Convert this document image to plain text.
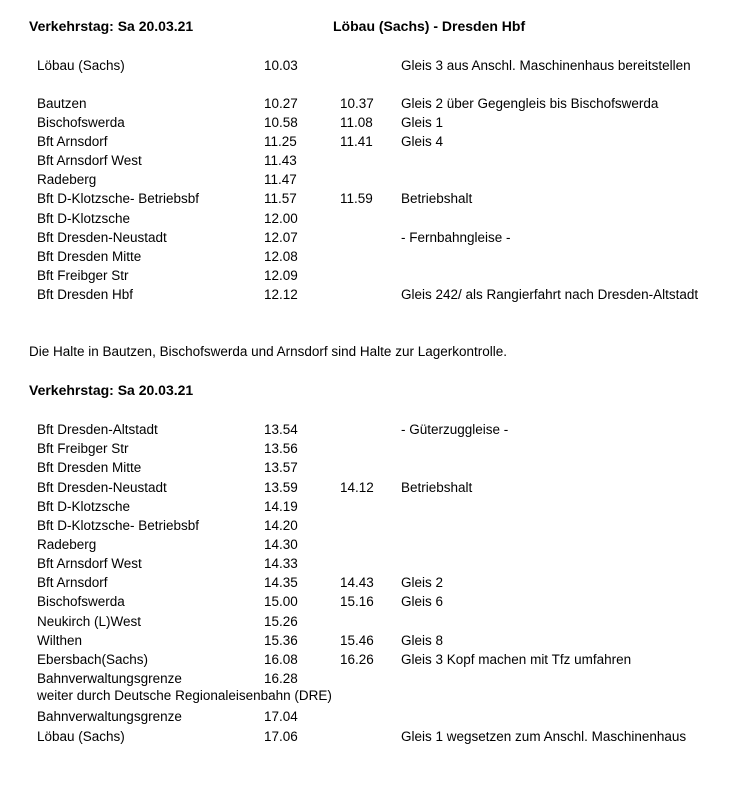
Verkehrstag: Sa 20.03.21	Löbau (Sachs) - Dresden Hbf
Löbau (Sachs)	10.03	Gleis 3 aus Anschl. Maschinenhaus bereitstellen
Bautzen	10.27	10.37 Gleis 2 über Gegengleis bis Bischofswerda
Bischofswerda	10.58	11.08 Gleis 1
Bft Arnsdorf	11.25	11.41 Gleis 4
Bft Arnsdorf West	11.43
Radeberg	11.47
Bft D-Klotzsche- Betriebsbf	11.57	11.59 Betriebshalt
Bft D-Klotzsche	12.00
Bft Dresden-Neustadt	12.07	- Fernbahngleise -
Bft Dresden Mitte	12.08
Bft Freibger Str	12.09
Bft Dresden Hbf	12.12	Gleis 242/ als Rangierfahrt nach Dresden-Altstadt
Die Halte in Bautzen, Bischofswerda und Arnsdorf sind Halte zur Lagerkontrolle.
Verkehrstag: Sa 20.03.21
Bft Dresden-Altstadt	13.54	- Güterzuggleise -
Bft Freibger Str	13.56
Bft Dresden Mitte	13.57
Bft Dresden-Neustadt	13.59	14.12 Betriebshalt
Bft D-Klotzsche	14.19
Bft D-Klotzsche- Betriebsbf	14.20
Radeberg	14.30
Bft Arnsdorf West	14.33
Bft Arnsdorf	14.35	14.43 Gleis 2
Bischofswerda	15.00	15.16 Gleis 6
Neukirch (L)West	15.26
Wilthen	15.36	15.46 Gleis 8
Ebersbach(Sachs)	16.08	16.26 Gleis 3 Kopf machen mit Tfz umfahren
Bahnverwaltungsgrenze	16.28
weiter durch Deutsche Regionaleisenbahn (DRE)
Bahnverwaltungsgrenze	17.04
Löbau (Sachs)	17.06	Gleis 1 wegsetzen zum Anschl. Maschinenhaus
